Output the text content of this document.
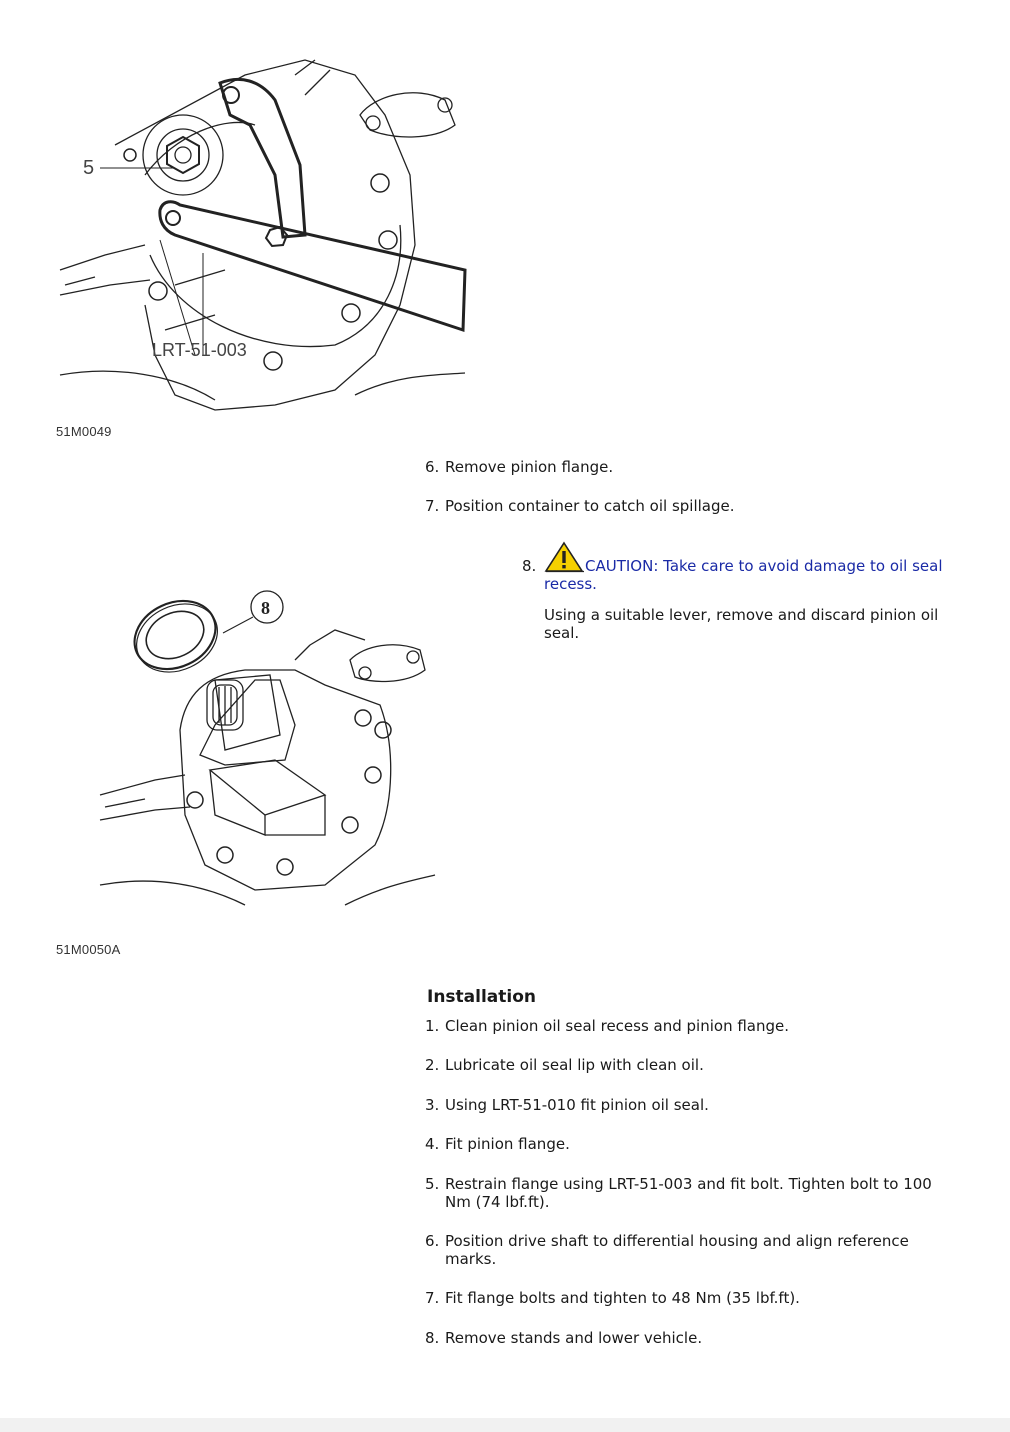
5
LRT-51-003
51M0049
6. Remove pinion flange.
7. Position container to catch oil spillage.
8.	CAUTION: Take care to avoid damage to oil seal
recess.
Using a suitable lever, remove and discard pinion oil
seal.
8
51M0050A
Installation
1. Clean pinion oil seal recess and pinion flange.
2. Lubricate oil seal lip with clean oil.
3. Using LRT-51-010 fit pinion oil seal.
4. Fit pinion flange.
5. Restrain flange using LRT-51-003 and fit bolt. Tighten bolt to 100
Nm (74 lbf.ft).
6. Position drive shaft to differential housing and align reference
marks.
7. Fit flange bolts and tighten to 48 Nm (35 lbf.ft).
8. Remove stands and lower vehicle.
